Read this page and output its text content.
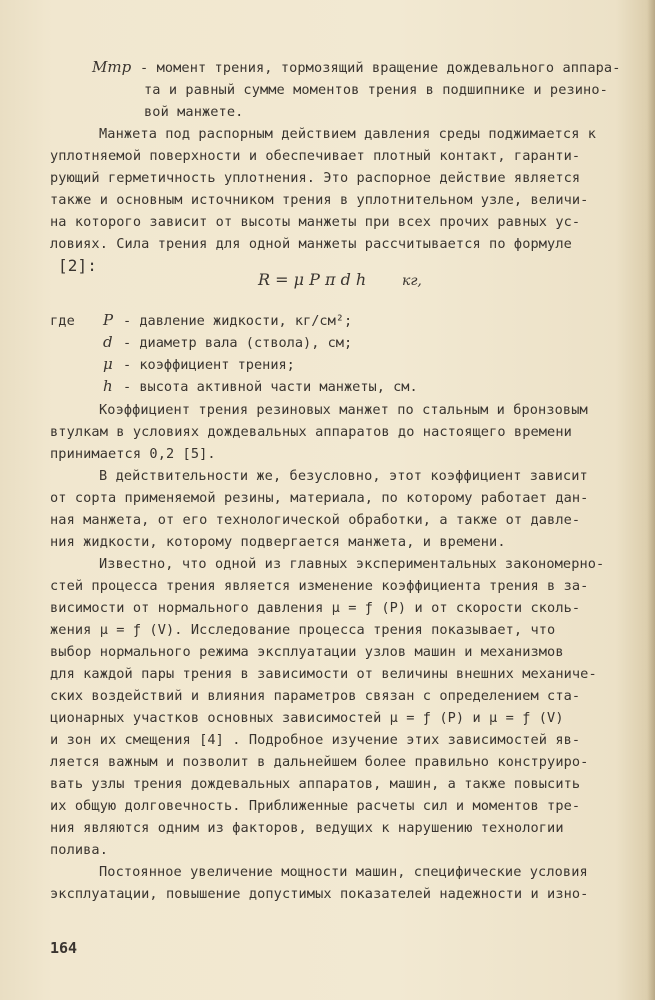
Mтр - момент трения, тормозящий вращение дождевального аппара-
та и равный сумме моментов трения в подшипнике и резино-
вой манжете.
Манжета под распорным действием давления среды поджимается к
уплотняемой поверхности и обеспечивает плотный контакт, гаранти-
рующий герметичность уплотнения. Это распорное действие является
также и основным источником трения в уплотнительном узле, величи-
на которого зависит от высоты манжеты при всех прочих равных ус-
ловиях. Сила трения для одной манжеты рассчитывается по формуле
[2]:
R = μ P π d h	кг,
где P - давление жидкости, кг/см²;
d - диаметр вала (ствола), см;
μ - коэффициент трения;
h - высота активной части манжеты, см.
Коэффициент трения резиновых манжет по стальным и бронзовым
втулкам в условиях дождевальных аппаратов до настоящего времени
принимается 0,2 [5].
В действительности же, безусловно, этот коэффициент зависит
от сорта применяемой резины, материала, по которому работает дан-
ная манжета, от его технологической обработки, а также от давле-
ния жидкости, которому подвергается манжета, и времени.
Известно, что одной из главных экспериментальных закономерно-
стей процесса трения является изменение коэффициента трения в за-
висимости от нормального давления μ = ƒ (P) и от скорости сколь-
жения μ = ƒ (V). Исследование процесса трения показывает, что
выбор нормального режима эксплуатации узлов машин и механизмов
для каждой пары трения в зависимости от величины внешних механиче-
ских воздействий и влияния параметров связан с определением ста-
ционарных участков основных зависимостей μ = ƒ (P) и μ = ƒ (V)
и зон их смещения [4] . Подробное изучение этих зависимостей яв-
ляется важным и позволит в дальнейшем более правильно конструиро-
вать узлы трения дождевальных аппаратов, машин, а также повысить
их общую долговечность. Приближенные расчеты сил и моментов тре-
ния являются одним из факторов, ведущих к нарушению технологии
полива.
Постоянное увеличение мощности машин, специфические условия
эксплуатации, повышение допустимых показателей надежности и изно-
164
